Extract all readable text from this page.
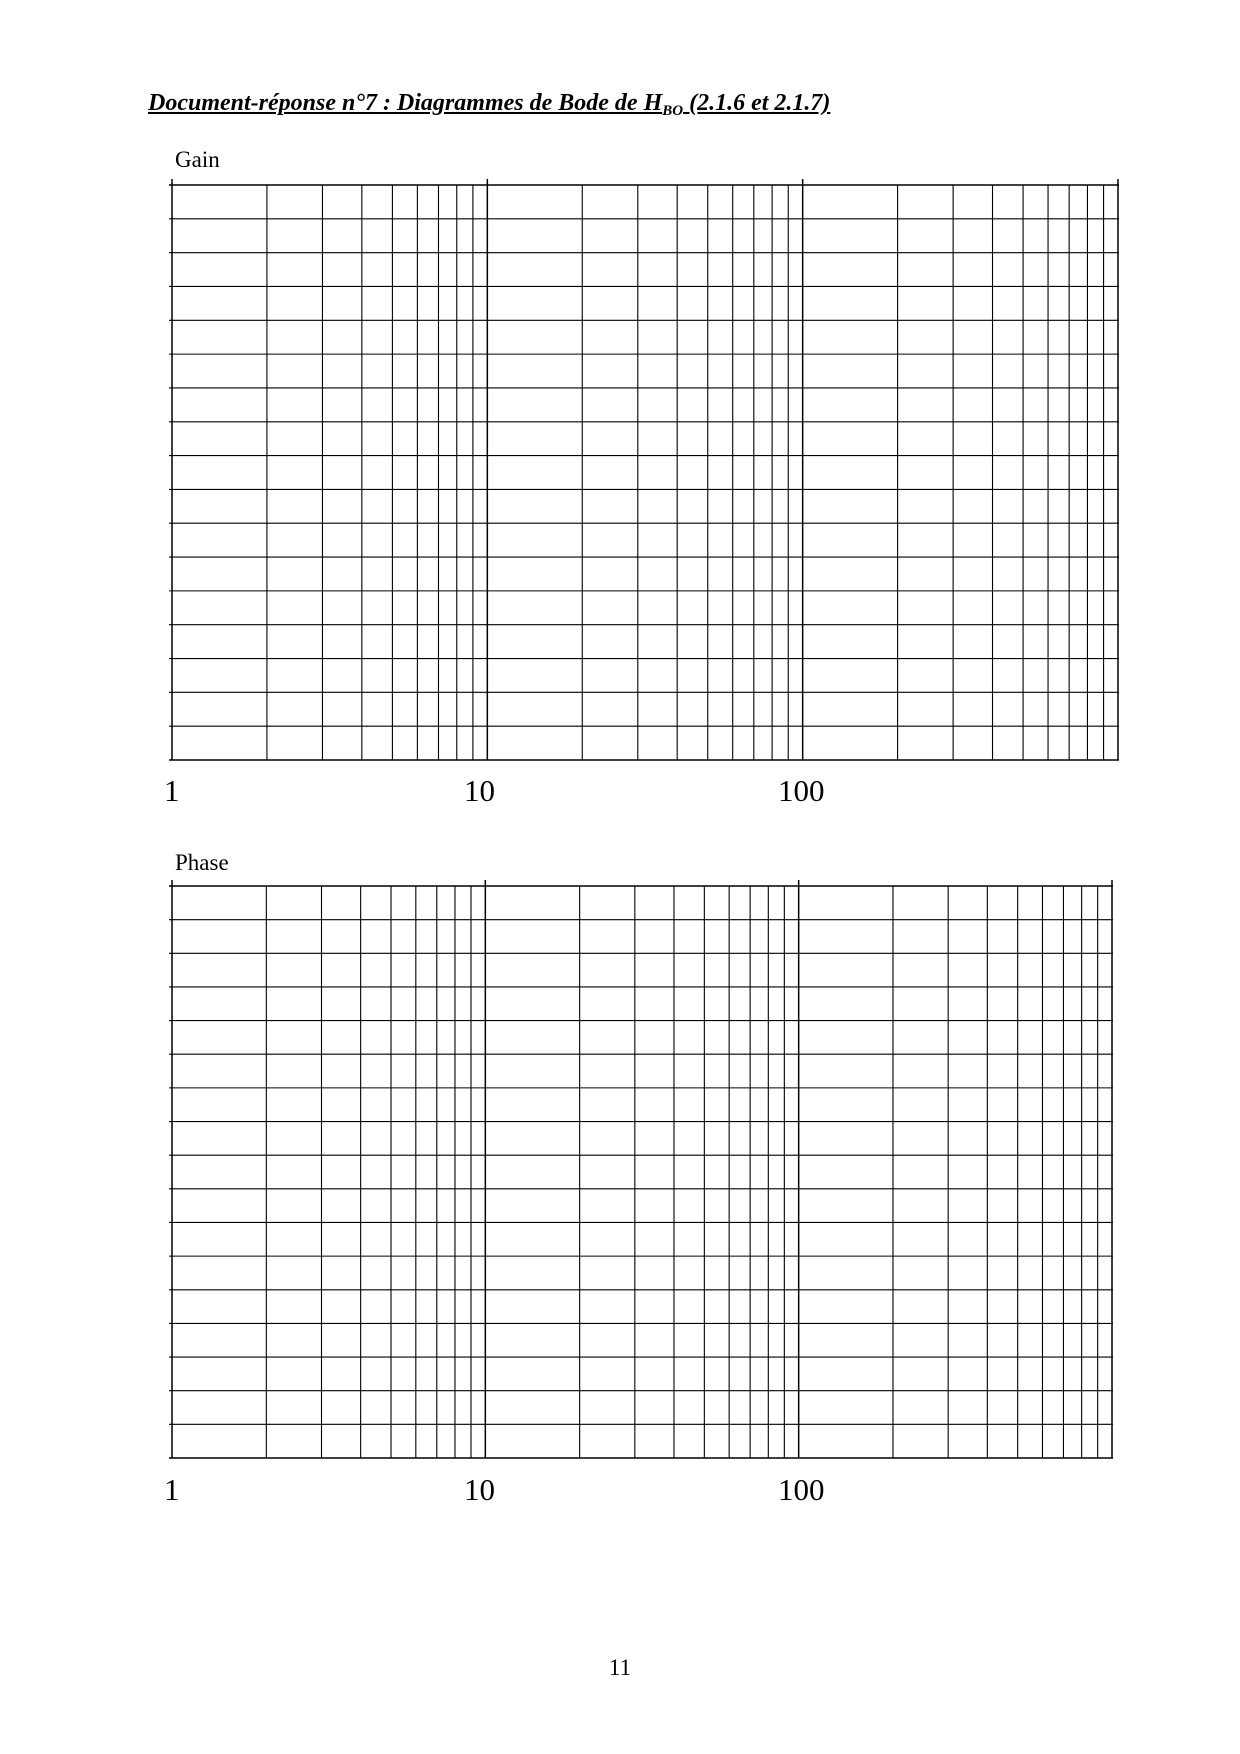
Document-réponse n°7 : Diagrammes de Bode de $H_{BO}$ (2.1.6 et 2.1.7)
Gain
1	10	100
Phase
1	10	100
11
